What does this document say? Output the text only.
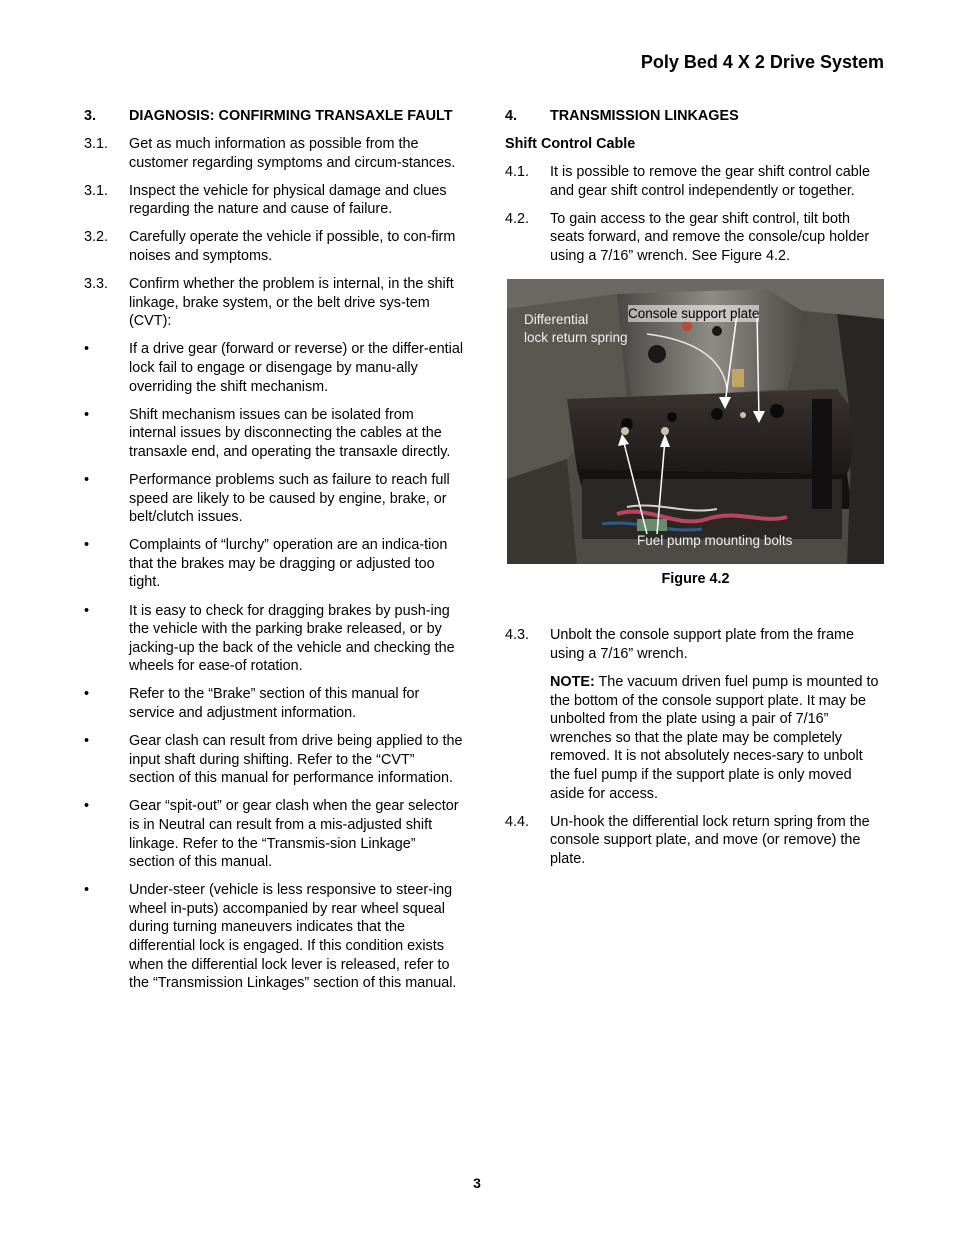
Poly Bed 4 X 2 Drive System
3.	DIAGNOSIS: CONFIRMING TRANSAXLE FAULT
3.1.	Get as much information as possible from the customer regarding symptoms and circum-stances.
3.1.	Inspect the vehicle for physical damage and clues regarding the nature and cause of failure.
3.2.	Carefully operate the vehicle if possible, to con-firm noises and symptoms.
3.3.	Confirm whether the problem is internal, in the shift linkage, brake system, or the belt drive sys-tem (CVT):
•	If a drive gear (forward or reverse) or the differ-ential lock fail to engage or disengage by manu-ally overriding the shift mechanism.
•	Shift mechanism issues can be isolated from internal issues by disconnecting the cables at the transaxle end, and operating the transaxle directly.
•	Performance problems such as failure to reach full speed are likely to be caused by engine, brake, or belt/clutch issues.
•	Complaints of “lurchy” operation are an indica-tion that the brakes may be dragging or adjusted too tight.
•	It is easy to check for dragging brakes by push-ing the vehicle with the parking brake released, or by jacking-up the back of the vehicle and checking the wheels for ease-of rotation.
•	Refer to the “Brake” section of this manual for service and adjustment information.
•	Gear clash can result from drive being applied to the input shaft during shifting. Refer to the “CVT” section of this manual for performance information.
•	Gear “spit-out” or gear clash when the gear selector is in Neutral can result from a mis-adjusted shift linkage. Refer to the “Transmis-sion Linkage” section of this manual.
•	Under-steer (vehicle is less responsive to steer-ing wheel in-puts) accompanied by rear wheel squeal during turning maneuvers indicates that the differential lock is engaged. If this condition exists when the differential lock lever is released, refer to the “Transmission Linkages” section of this manual.
4.	TRANSMISSION LINKAGES
Shift Control Cable
4.1.	It is possible to remove the gear shift control cable and gear shift control independently or together.
4.2.	To gain access to the gear shift control, tilt both seats forward, and remove the console/cup holder using a 7/16” wrench. See Figure 4.2.
Differential
lock return spring
Console support plate
Fuel pump mounting bolts
Figure 4.2
4.3.	Unbolt the console support plate from the frame using a 7/16” wrench.
NOTE: The vacuum driven fuel pump is mounted to the bottom of the console support plate. It may be unbolted from the plate using a pair of 7/16” wrenches so that the plate may be completely removed. It is not absolutely neces-sary to unbolt the fuel pump if the support plate is only moved aside for access.
4.4.	Un-hook the differential lock return spring from the console support plate, and move (or remove) the plate.
3
